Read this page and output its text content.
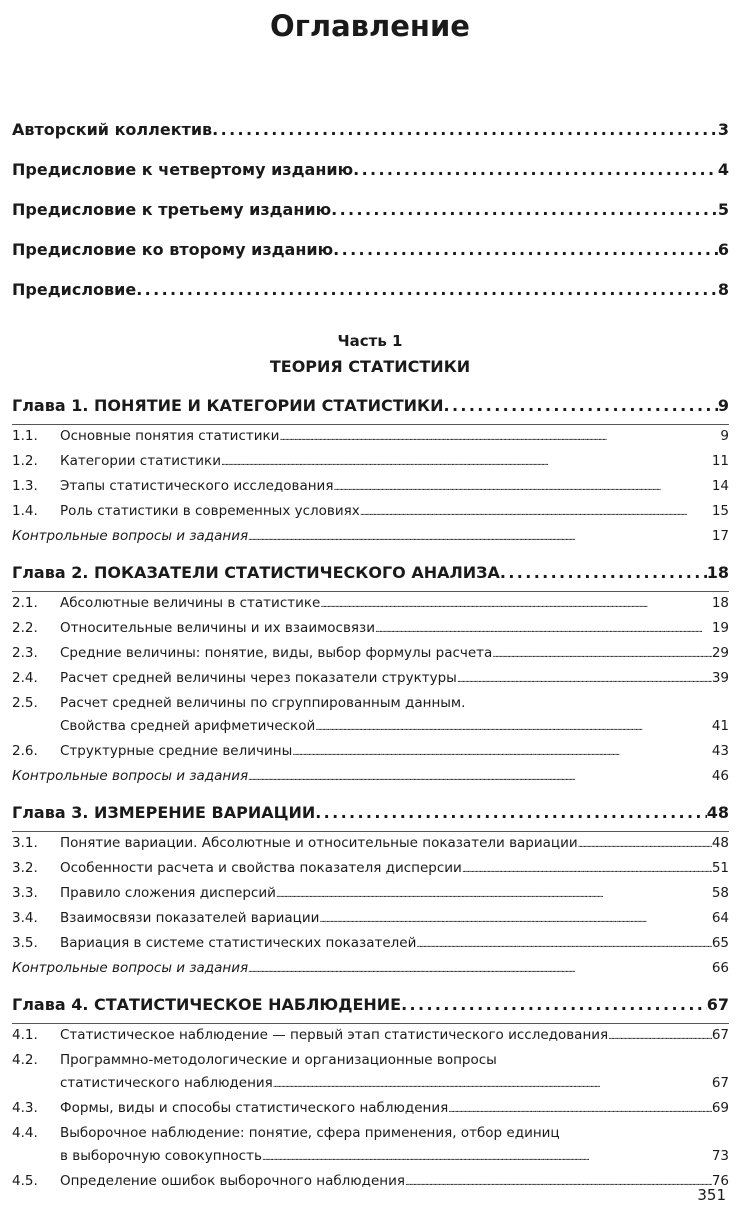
Оглавление
Авторский коллектив . . .	3
Предисловие к четвертому изданию . . .	4
Предисловие к третьему изданию . . .	5
Предисловие ко второму изданию . . .	6
Предисловие . . .	8
Часть 1
ТЕОРИЯ СТАТИСТИКИ
Глава 1. ПОНЯТИЕ И КАТЕГОРИИ СТАТИСТИКИ . . .	9
1.1.	Основные понятия статистики . . .	9
1.2.	Категории статистики . . .	11
1.3.	Этапы статистического исследования . . .	14
1.4.	Роль статистики в современных условиях . . .	15
Контрольные вопросы и задания . . .	17
Глава 2. ПОКАЗАТЕЛИ СТАТИСТИЧЕСКОГО АНАЛИЗА . . .	18
2.1.	Абсолютные величины в статистике . . .	18
2.2.	Относительные величины и их взаимосвязи . . .	19
2.3.	Средние величины: понятие, виды, выбор формулы расчета . . .	29
2.4.	Расчет средней величины через показатели структуры . . .	39
2.5.	Расчет средней величины по сгруппированным данным.
Свойства средней арифметической . . .	41
2.6.	Структурные средние величины . . .	43
Контрольные вопросы и задания . . .	46
Глава 3. ИЗМЕРЕНИЕ ВАРИАЦИИ . . .	48
3.1.	Понятие вариации. Абсолютные и относительные показатели вариации . . .	48
3.2.	Особенности расчета и свойства показателя дисперсии . . .	51
3.3.	Правило сложения дисперсий . . .	58
3.4.	Взаимосвязи показателей вариации . . .	64
3.5.	Вариация в системе статистических показателей . . .	65
Контрольные вопросы и задания . . .	66
Глава 4. СТАТИСТИЧЕСКОЕ НАБЛЮДЕНИЕ . . .	67
4.1.	Статистическое наблюдение — первый этап статистического исследования . . .	67
4.2.	Программно-методологические и организационные вопросы
статистического наблюдения . . .	67
4.3.	Формы, виды и способы статистического наблюдения . . .	69
4.4.	Выборочное наблюдение: понятие, сфера применения, отбор единиц
в выборочную совокупность . . .	73
4.5.	Определение ошибок выборочного наблюдения . . .	76
351
